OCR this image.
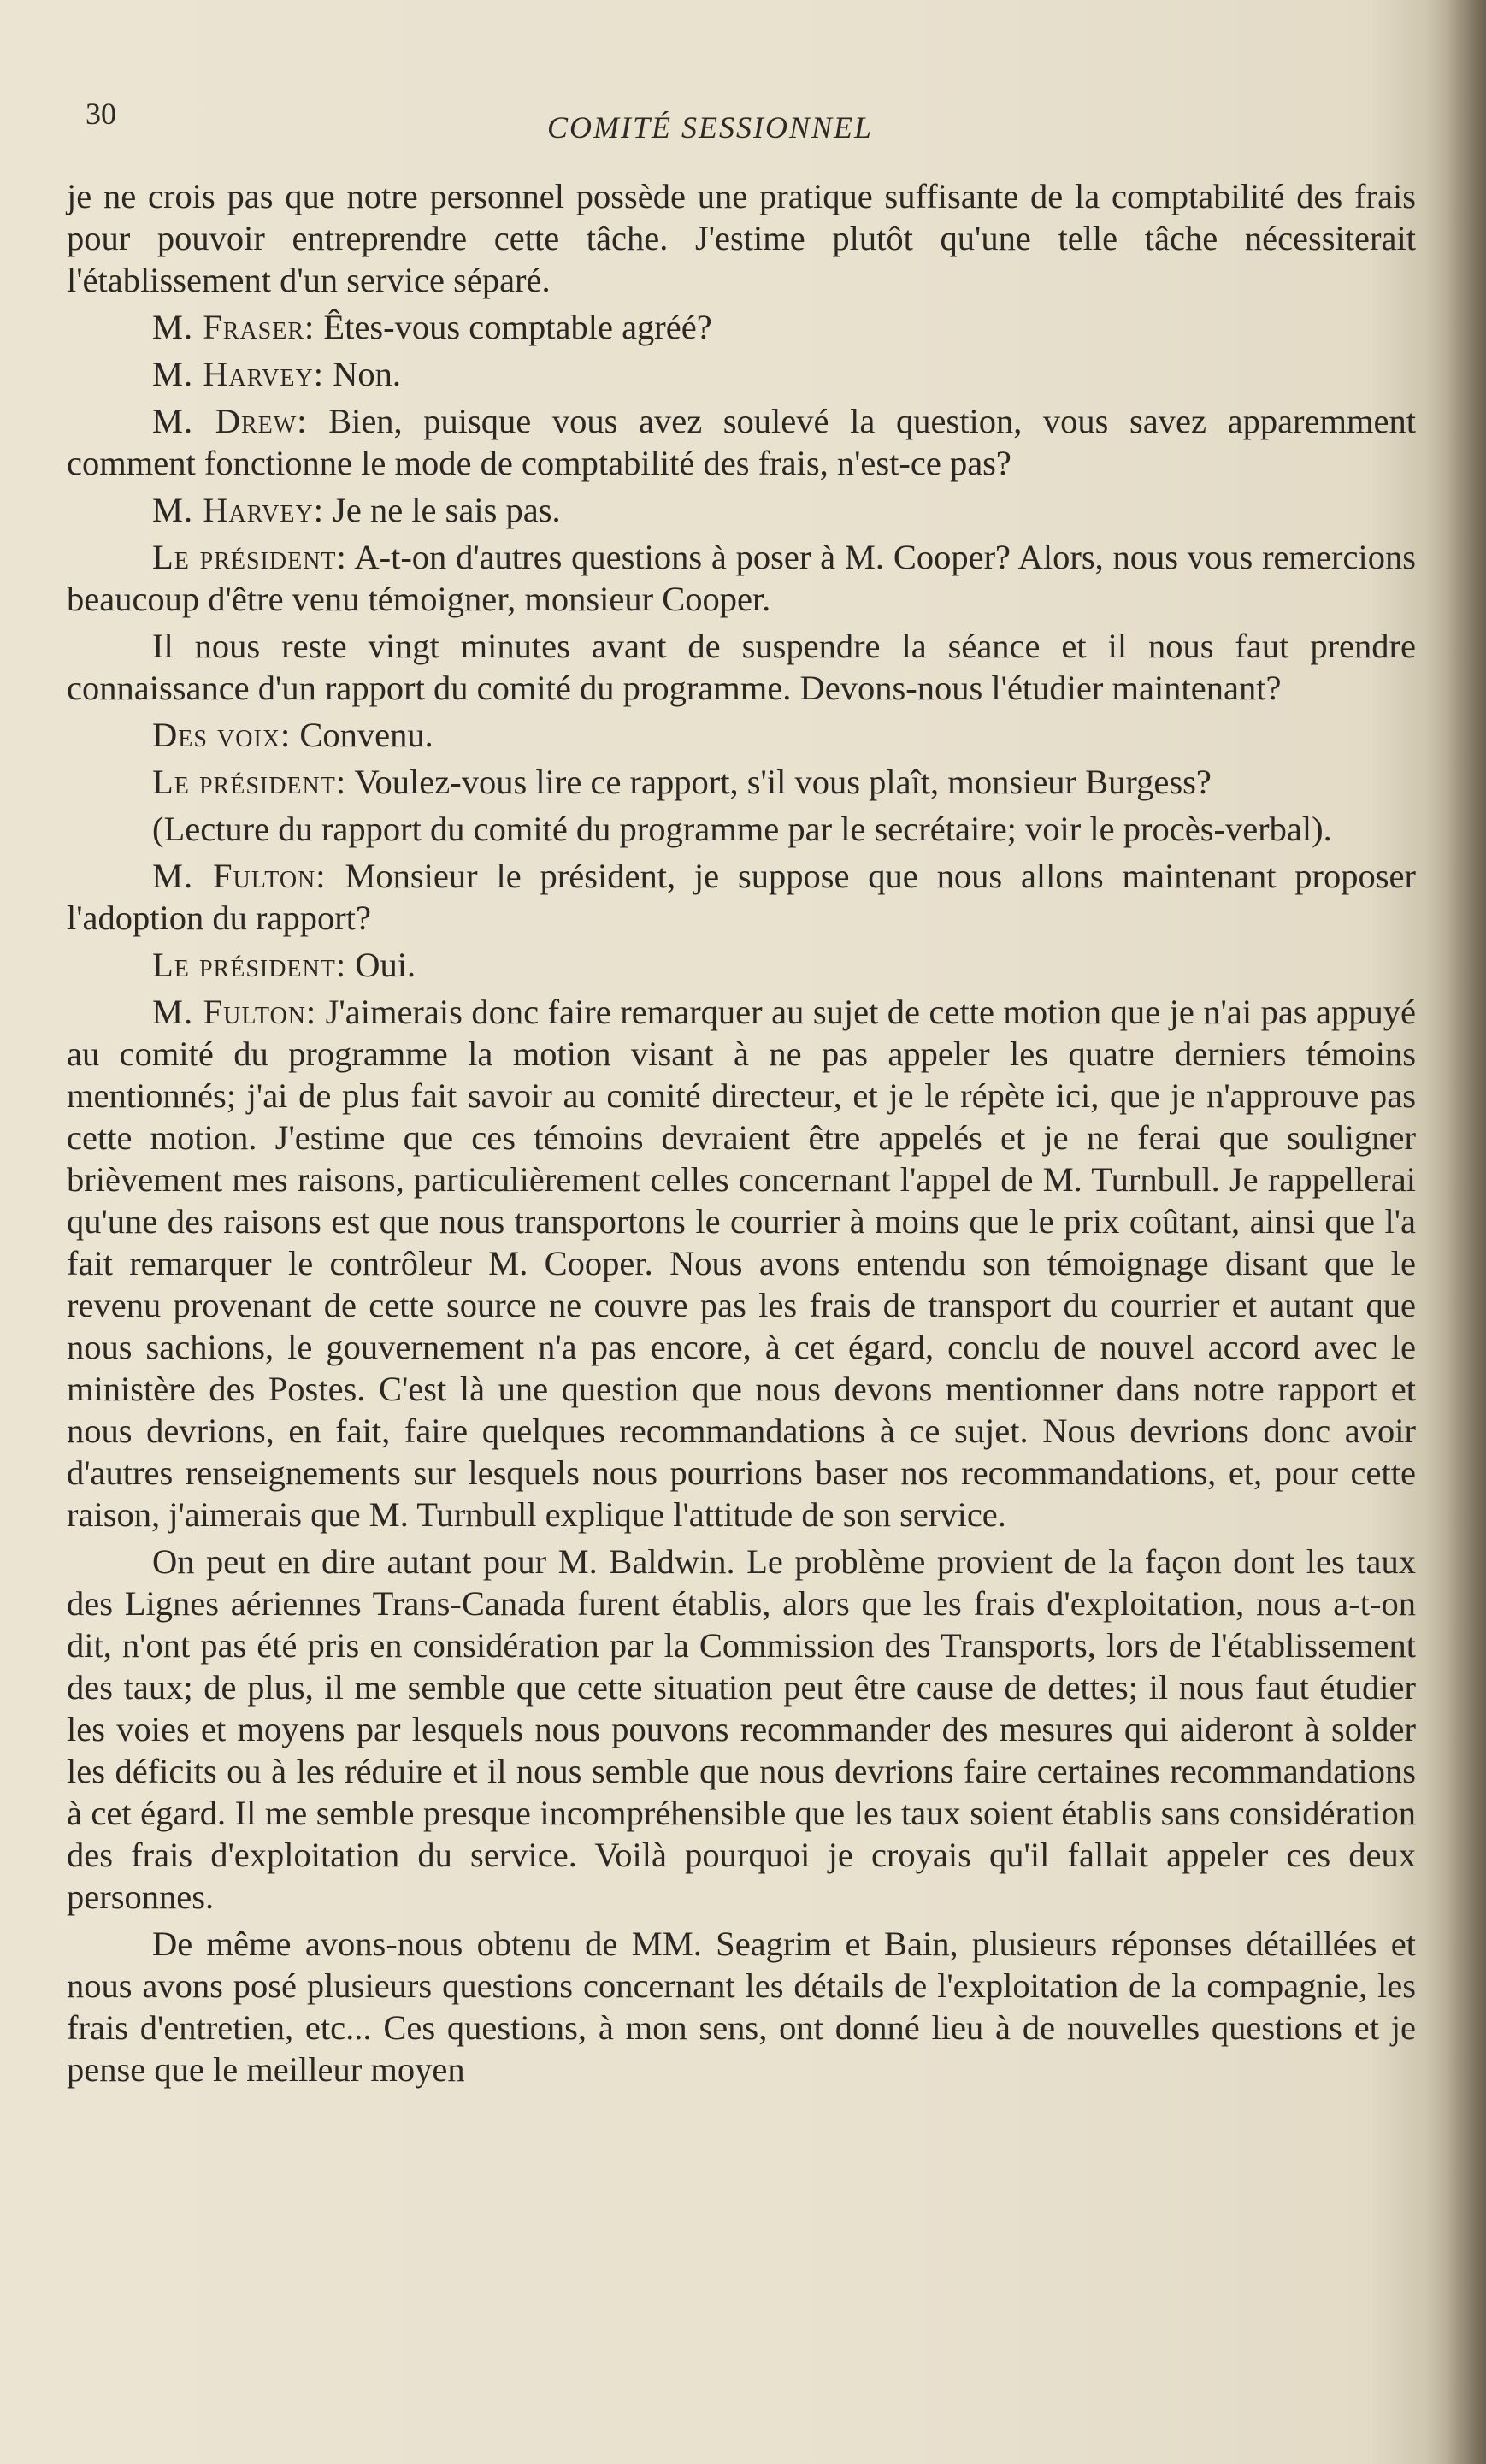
30	COMITÉ SESSIONNEL

je ne crois pas que notre personnel possède une pratique suffisante de la comptabilité des frais pour pouvoir entreprendre cette tâche. J'estime plutôt qu'une telle tâche nécessiterait l'établissement d'un service séparé.

M. Fraser: Êtes-vous comptable agréé?

M. Harvey: Non.

M. Drew: Bien, puisque vous avez soulevé la question, vous savez apparemment comment fonctionne le mode de comptabilité des frais, n'est-ce pas?

M. Harvey: Je ne le sais pas.

Le président: A-t-on d'autres questions à poser à M. Cooper? Alors, nous vous remercions beaucoup d'être venu témoigner, monsieur Cooper.

Il nous reste vingt minutes avant de suspendre la séance et il nous faut prendre connaissance d'un rapport du comité du programme. Devons-nous l'étudier maintenant?

Des voix: Convenu.

Le président: Voulez-vous lire ce rapport, s'il vous plaît, monsieur Burgess?

(Lecture du rapport du comité du programme par le secrétaire; voir le procès-verbal).

M. Fulton: Monsieur le président, je suppose que nous allons maintenant proposer l'adoption du rapport?

Le président: Oui.

M. Fulton: J'aimerais donc faire remarquer au sujet de cette motion que je n'ai pas appuyé au comité du programme la motion visant à ne pas appeler les quatre derniers témoins mentionnés; j'ai de plus fait savoir au comité directeur, et je le répète ici, que je n'approuve pas cette motion. J'estime que ces témoins devraient être appelés et je ne ferai que souligner brièvement mes raisons, particulièrement celles concernant l'appel de M. Turnbull. Je rappellerai qu'une des raisons est que nous transportons le courrier à moins que le prix coûtant, ainsi que l'a fait remarquer le contrôleur M. Cooper. Nous avons entendu son témoignage disant que le revenu provenant de cette source ne couvre pas les frais de transport du courrier et autant que nous sachions, le gouvernement n'a pas encore, à cet égard, conclu de nouvel accord avec le ministère des Postes. C'est là une question que nous devons mentionner dans notre rapport et nous devrions, en fait, faire quelques recommandations à ce sujet. Nous devrions donc avoir d'autres renseignements sur lesquels nous pourrions baser nos recommandations, et, pour cette raison, j'aimerais que M. Turnbull explique l'attitude de son service.

On peut en dire autant pour M. Baldwin. Le problème provient de la façon dont les taux des Lignes aériennes Trans-Canada furent établis, alors que les frais d'exploitation, nous a-t-on dit, n'ont pas été pris en considération par la Commission des Transports, lors de l'établissement des taux; de plus, il me semble que cette situation peut être cause de dettes; il nous faut étudier les voies et moyens par lesquels nous pouvons recommander des mesures qui aideront à solder les déficits ou à les réduire et il nous semble que nous devrions faire certaines recommandations à cet égard. Il me semble presque incompréhensible que les taux soient établis sans considération des frais d'exploitation du service. Voilà pourquoi je croyais qu'il fallait appeler ces deux personnes.

De même avons-nous obtenu de MM. Seagrim et Bain, plusieurs réponses détaillées et nous avons posé plusieurs questions concernant les détails de l'exploitation de la compagnie, les frais d'entretien, etc... Ces questions, à mon sens, ont donné lieu à de nouvelles questions et je pense que le meilleur moyen
